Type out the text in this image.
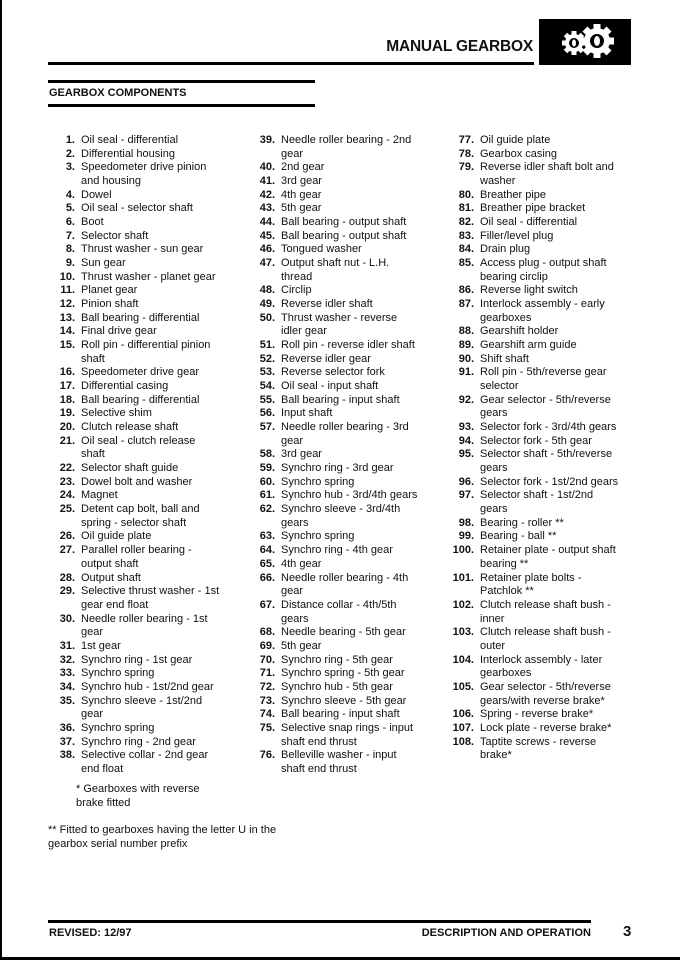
MANUAL GEARBOX
GEARBOX COMPONENTS
1. Oil seal - differential
2. Differential housing
3. Speedometer drive pinion
and housing
4. Dowel
5. Oil seal - selector shaft
6. Boot
7. Selector shaft
8. Thrust washer - sun gear
9. Sun gear
10. Thrust washer - planet gear
11. Planet gear
12. Pinion shaft
13. Ball bearing - differential
14. Final drive gear
15. Roll pin - differential pinion
shaft
16. Speedometer drive gear
17. Differential casing
18. Ball bearing - differential
19. Selective shim
20. Clutch release shaft
21. Oil seal - clutch release
shaft
22. Selector shaft guide
23. Dowel bolt and washer
24. Magnet
25. Detent cap bolt, ball and
spring - selector shaft
26. Oil guide plate
27. Parallel roller bearing -
output shaft
28. Output shaft
29. Selective thrust washer - 1st
gear end float
30. Needle roller bearing - 1st
gear
31. 1st gear
32. Synchro ring - 1st gear
33. Synchro spring
34. Synchro hub - 1st/2nd gear
35. Synchro sleeve - 1st/2nd
gear
36. Synchro spring
37. Synchro ring - 2nd gear
38. Selective collar - 2nd gear
end float
39. Needle roller bearing - 2nd
gear
40. 2nd gear
41. 3rd gear
42. 4th gear
43. 5th gear
44. Ball bearing - output shaft
45. Ball bearing - output shaft
46. Tongued washer
47. Output shaft nut - L.H.
thread
48. Circlip
49. Reverse idler shaft
50. Thrust washer - reverse
idler gear
51. Roll pin - reverse idler shaft
52. Reverse idler gear
53. Reverse selector fork
54. Oil seal - input shaft
55. Ball bearing - input shaft
56. Input shaft
57. Needle roller bearing - 3rd
gear
58. 3rd gear
59. Synchro ring - 3rd gear
60. Synchro spring
61. Synchro hub - 3rd/4th gears
62. Synchro sleeve - 3rd/4th
gears
63. Synchro spring
64. Synchro ring - 4th gear
65. 4th gear
66. Needle roller bearing - 4th
gear
67. Distance collar - 4th/5th
gears
68. Needle bearing - 5th gear
69. 5th gear
70. Synchro ring - 5th gear
71. Synchro spring - 5th gear
72. Synchro hub - 5th gear
73. Synchro sleeve - 5th gear
74. Ball bearing - input shaft
75. Selective snap rings - input
shaft end thrust
76. Belleville washer - input
shaft end thrust
77. Oil guide plate
78. Gearbox casing
79. Reverse idler shaft bolt and
washer
80. Breather pipe
81. Breather pipe bracket
82. Oil seal - differential
83. Filler/level plug
84. Drain plug
85. Access plug - output shaft
bearing circlip
86. Reverse light switch
87. Interlock assembly - early
gearboxes
88. Gearshift holder
89. Gearshift arm guide
90. Shift shaft
91. Roll pin - 5th/reverse gear
selector
92. Gear selector - 5th/reverse
gears
93. Selector fork - 3rd/4th gears
94. Selector fork - 5th gear
95. Selector shaft - 5th/reverse
gears
96. Selector fork - 1st/2nd gears
97. Selector shaft - 1st/2nd
gears
98. Bearing - roller **
99. Bearing - ball **
100. Retainer plate - output shaft
bearing **
101. Retainer plate bolts -
Patchlok **
102. Clutch release shaft bush -
inner
103. Clutch release shaft bush -
outer
104. Interlock assembly - later
gearboxes
105. Gear selector - 5th/reverse
gears/with reverse brake*
106. Spring - reverse brake*
107. Lock plate - reverse brake*
108. Taptite screws - reverse
brake*
* Gearboxes with reverse
brake fitted
** Fitted to gearboxes having the letter U in the
gearbox serial number prefix
REVISED: 12/97	DESCRIPTION AND OPERATION 3
